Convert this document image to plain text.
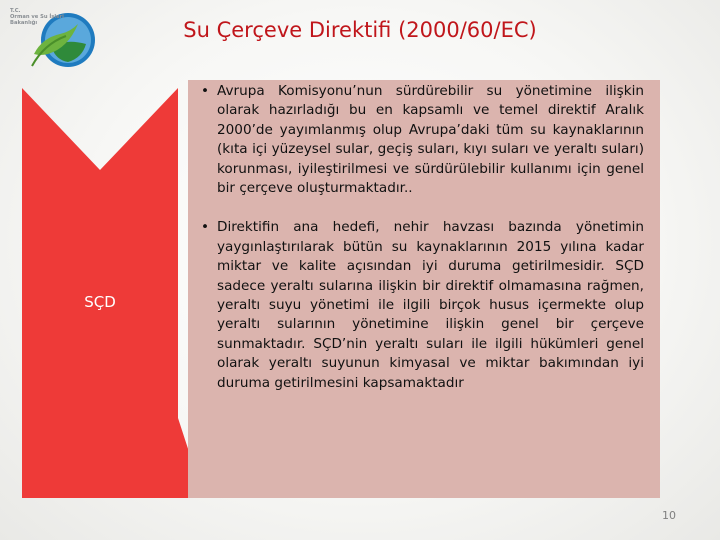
T.C.
Orman ve Su İşleri
Bakanlığı	Su Çerçeve Direktifi (2000/60/EC)
SÇD

• Avrupa Komisyonu’nun sürdürebilir su yönetimine ilişkin olarak hazırladığı bu en kapsamlı ve temel direktif Aralık 2000’de yayımlanmış olup Avrupa’daki tüm su kaynaklarının (kıta içi yüzeysel sular, geçiş suları, kıyı suları ve yeraltı suları) korunması, iyileştirilmesi ve sürdürülebilir kullanımı için genel bir çerçeve oluşturmaktadır..

• Direktifin ana hedefi, nehir havzası bazında yönetimin yaygınlaştırılarak bütün su kaynaklarının 2015 yılına kadar miktar ve kalite açısından iyi duruma getirilmesidir. SÇD sadece yeraltı sularına ilişkin bir direktif olmamasına rağmen, yeraltı suyu yönetimi ile ilgili birçok husus içermekte olup yeraltı sularının yönetimine ilişkin genel bir çerçeve sunmaktadır. SÇD’nin yeraltı suları ile ilgili hükümleri genel olarak yeraltı suyunun kimyasal ve miktar bakımından iyi duruma getirilmesini kapsamaktadır

10
